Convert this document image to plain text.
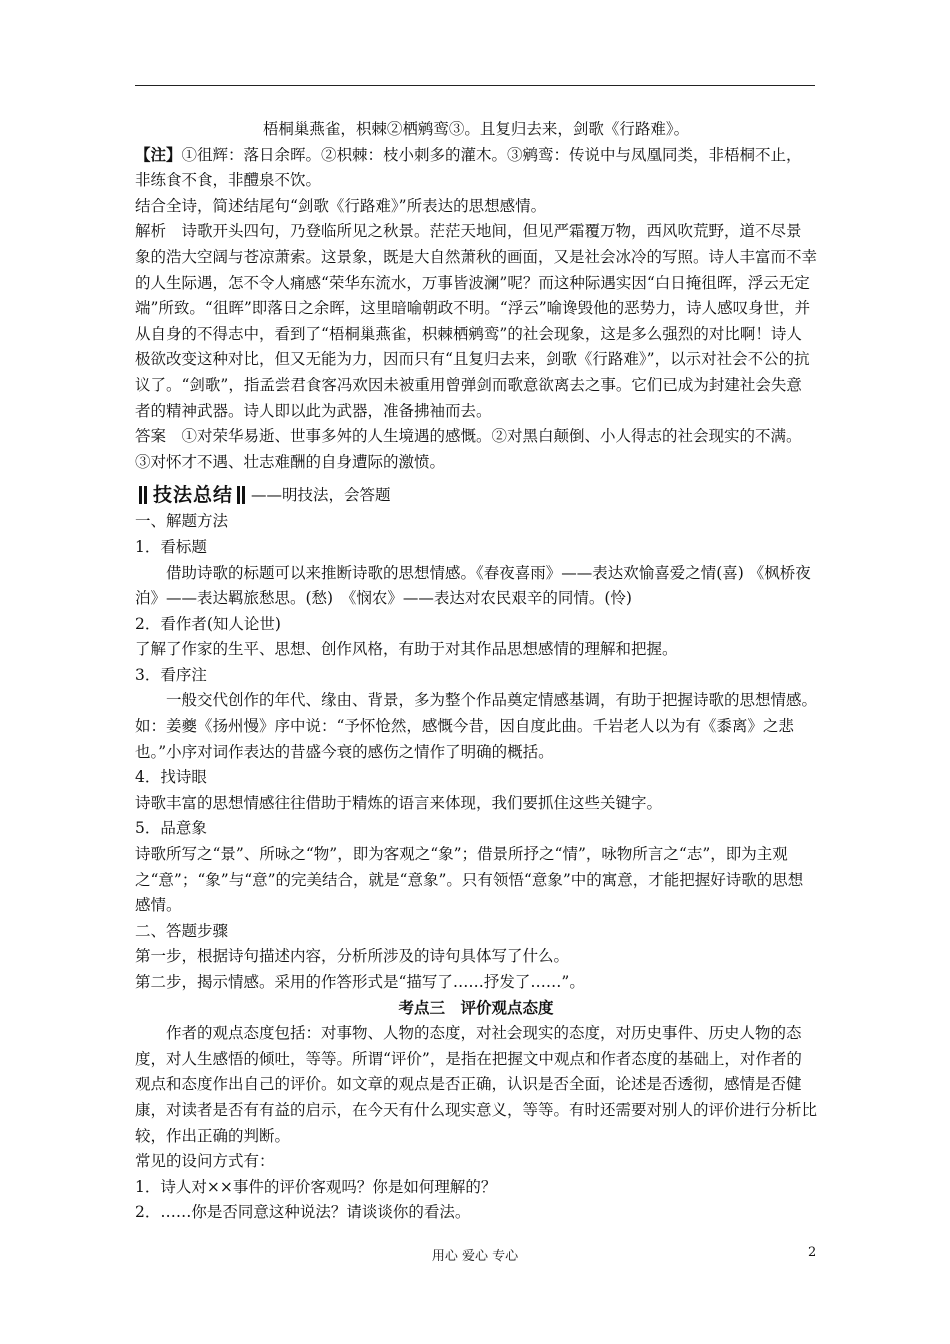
梧桐巢燕雀，枳棘②栖鹓鸾③。且复归去来，剑歌《行路难》。

【注】①徂辉：落日余晖。②枳棘：枝小刺多的灌木。③鹓鸾：传说中与凤凰同类，非梧桐不止，非练食不食，非醴泉不饮。

结合全诗，简述结尾句“剑歌《行路难》”所表达的思想感情。

解析　 诗歌开头四句，乃登临所见之秋景。茫茫天地间，但见严霜覆万物，西风吹荒野，道不尽景象的浩大空阔与苍凉萧索。这景象，既是大自然萧秋的画面，又是社会冰冷的写照。诗人丰富而不幸的人生际遇，怎不令人痛感“荣华东流水，万事皆波澜”呢？而这种际遇实因“白日掩徂晖，浮云无定端”所致。“徂晖”即落日之余晖，这里暗喻朝政不明。“浮云”喻谗毁他的恶势力，诗人感叹身世，并从自身的不得志中，看到了“梧桐巢燕雀，枳棘栖鹓鸾”的社会现象，这是多么强烈的对比啊！诗人极欲改变这种对比，但又无能为力，因而只有“且复归去来，剑歌《行路难》”，以示对社会不公的抗议了。“剑歌”，指孟尝君食客冯欢因未被重用曾弹剑而歌意欲离去之事。它们已成为封建社会失意者的精神武器。诗人即以此为武器，准备拂袖而去。

答案　 ①对荣华易逝、世事多舛的人生境遇的感慨。②对黑白颠倒、小人得志的社会现实的不满。③对怀才不遇、壮志难酬的自身遭际的激愤。

技法总结 ——明技法，会答题

一、解题方法

1．看标题

借助诗歌的标题可以来推断诗歌的思想情感。《春夜喜雨》——表达欢愉喜爱之情(喜) 《枫桥夜泊》——表达羁旅愁思。(愁)　《悯农》——表达对农民艰辛的同情。(怜)

2．看作者(知人论世)

了解了作家的生平、思想、创作风格，有助于对其作品思想感情的理解和把握。

3．看序注

一般交代创作的年代、缘由、背景，多为整个作品奠定情感基调，有助于把握诗歌的思想情感。如：姜夔《扬州慢》序中说：“予怀怆然，感慨今昔，因自度此曲。千岩老人以为有《黍离》之悲也。”小序对词作表达的昔盛今衰的感伤之情作了明确的概括。

4．找诗眼

诗歌丰富的思想情感往往借助于精炼的语言来体现，我们要抓住这些关键字。

5．品意象

诗歌所写之“景”、所咏之“物”，即为客观之“象”；借景所抒之“情”，咏物所言之“志”，即为主观之“意”；“象”与“意”的完美结合，就是“意象”。只有领悟“意象”中的寓意，才能把握好诗歌的思想感情。

二、答题步骤

第一步，根据诗句描述内容，分析所涉及的诗句具体写了什么。

第二步，揭示情感。采用的作答形式是“描写了……抒发了……”。

考点三　评价观点态度

作者的观点态度包括：对事物、人物的态度，对社会现实的态度，对历史事件、历史人物的态度，对人生感悟的倾吐，等等。所谓“评价”，是指在把握文中观点和作者态度的基础上，对作者的观点和态度作出自己的评价。如文章的观点是否正确，认识是否全面，论述是否透彻，感情是否健康，对读者是否有有益的启示，在今天有什么现实意义，等等。有时还需要对别人的评价进行分析比较，作出正确的判断。

常见的设问方式有：

1．诗人对××事件的评价客观吗？你是如何理解的？

2．……你是否同意这种说法？请谈谈你的看法。

用心 爱心 专心	2
